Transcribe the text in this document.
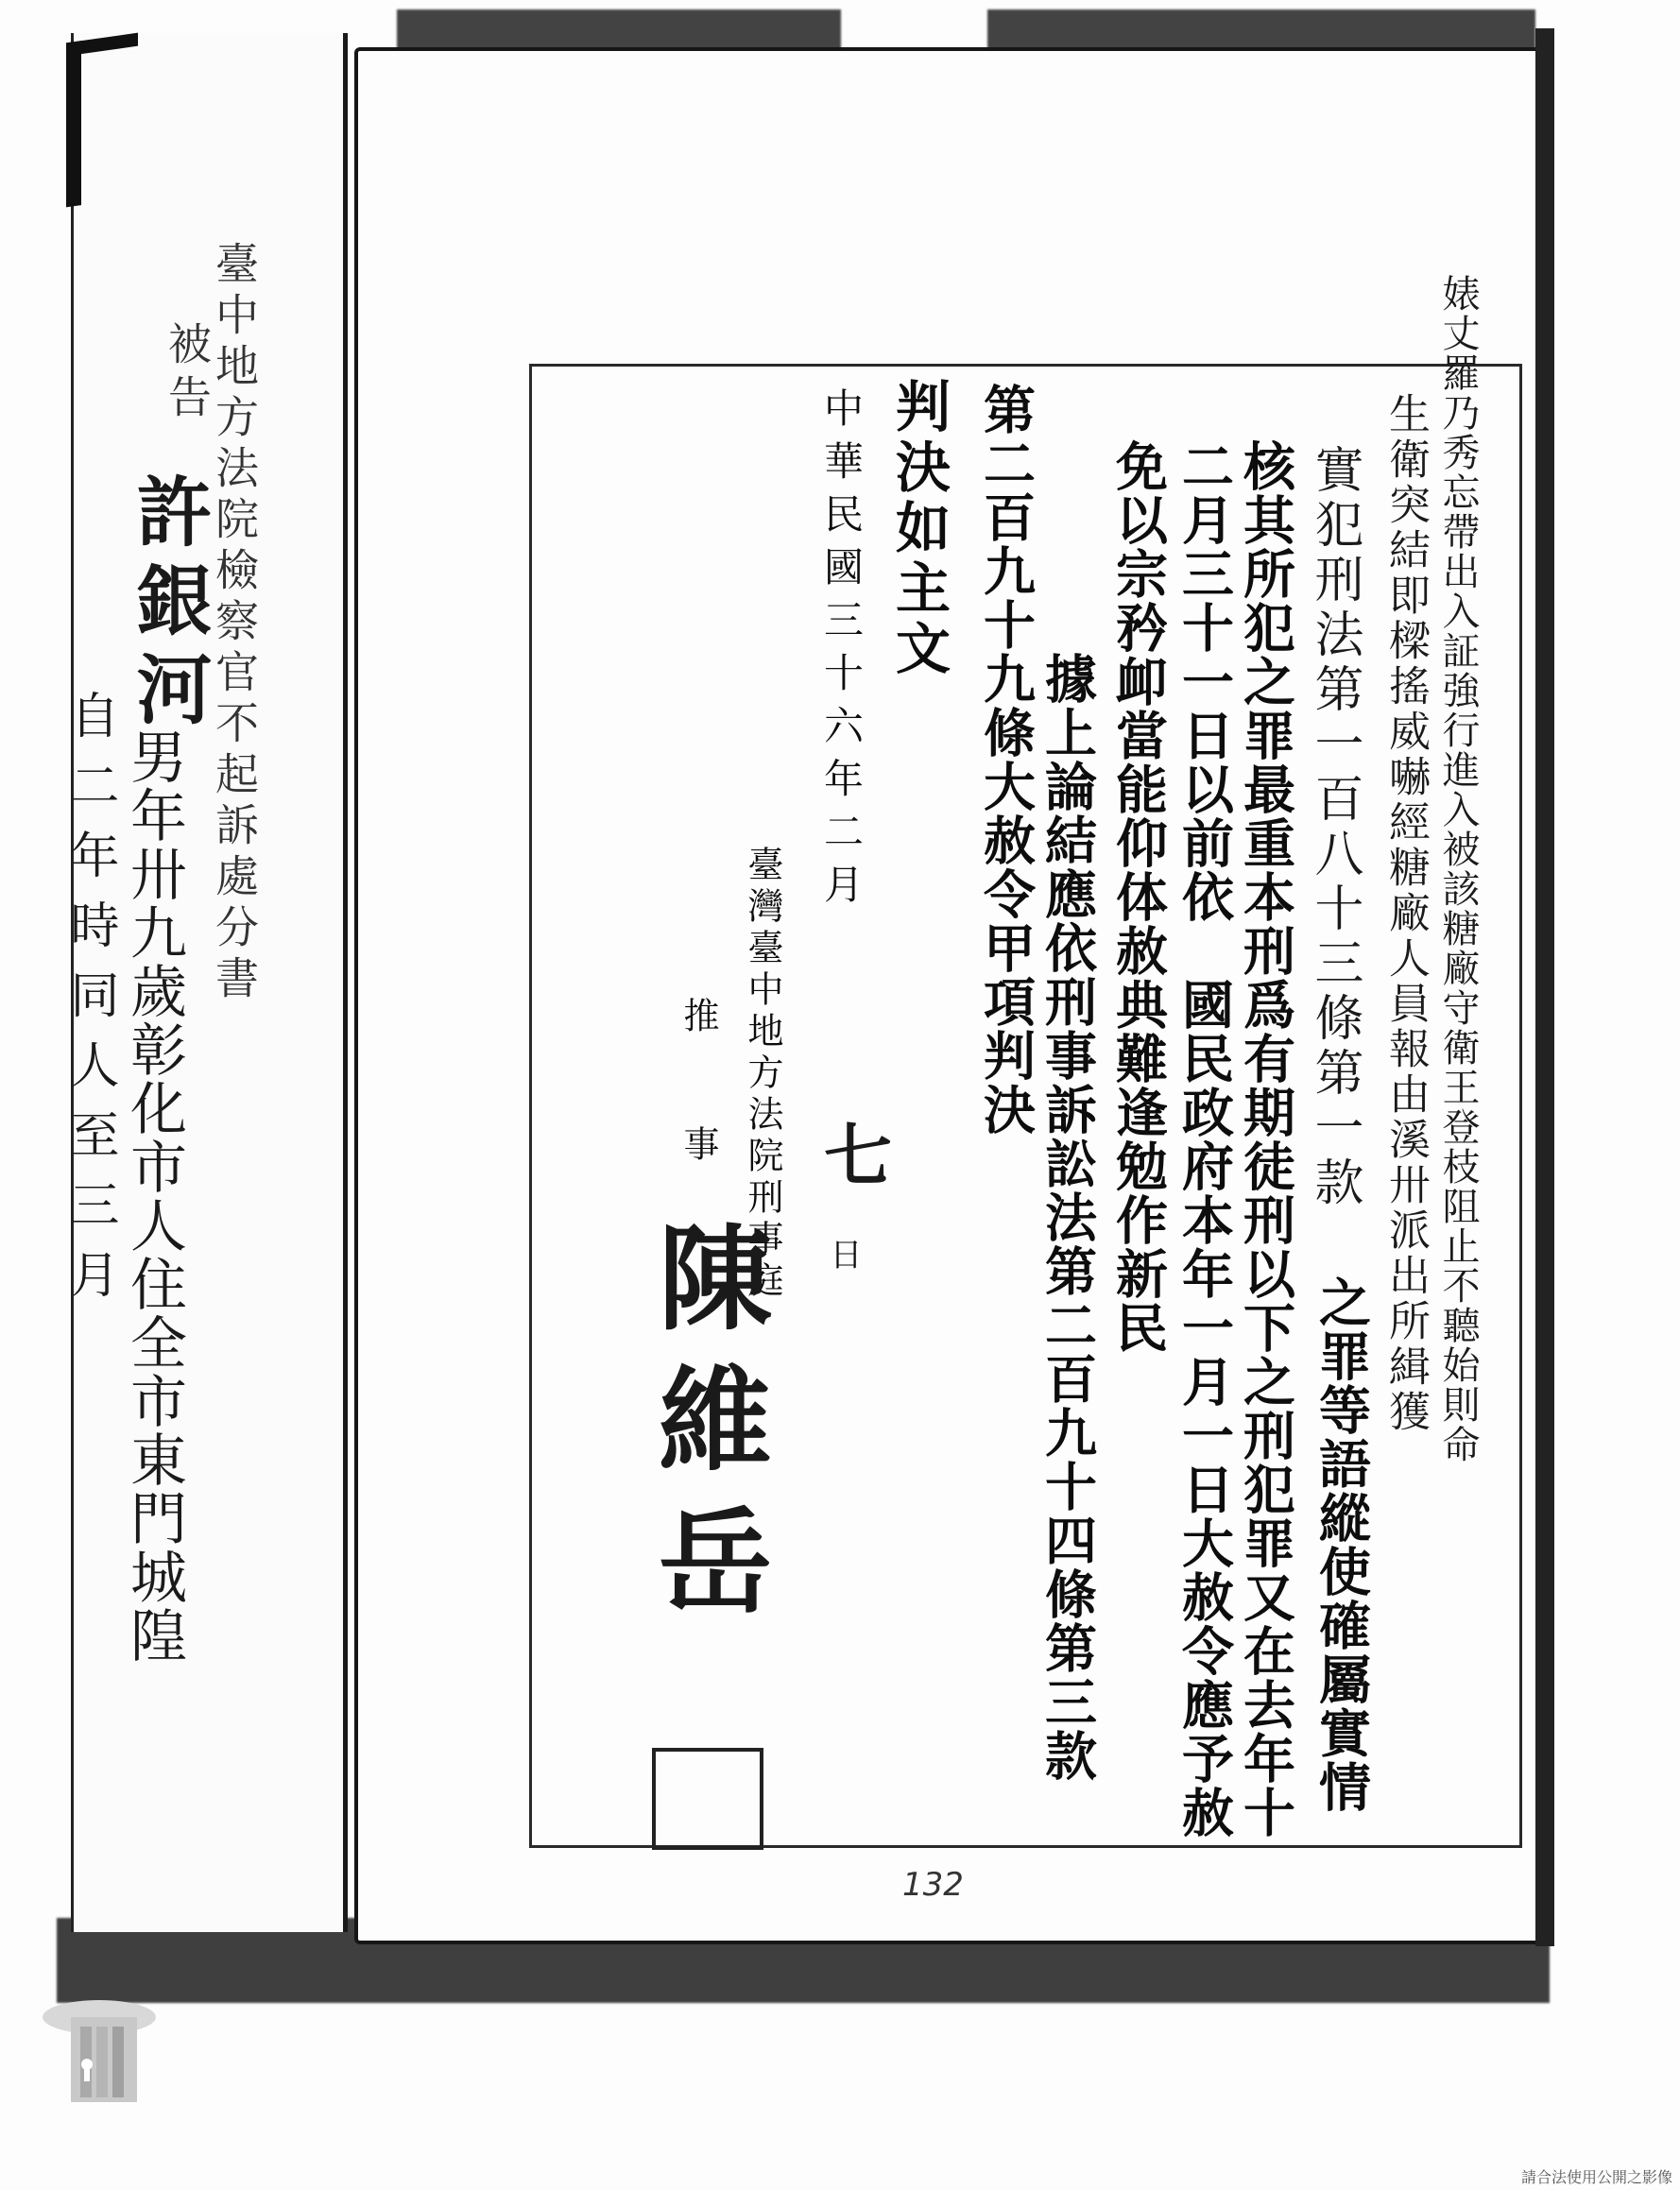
臺中地方法院檢察官不起訴處分書
被告
許銀河
男年卅九歲彰化市人住全市東門城隍
自二年時同人至三月	婊丈羅乃秀忘帶出入証強行進入被該糖廠守衛王登枝阻止不聽始則命
生衛突結即樑搖威嚇經糖廠人員報由溪卅派出所緝獲
實犯刑法第一百八十三條第一款
之罪等語縱使確屬實情
核其所犯之罪最重本刑爲有期徒刑以下之刑犯罪又在去年十
二月三十一日以前依　國民政府本年一月一日大赦令應予赦
免以宗矜卹當能仰体赦典難逢勉作新民
據上論結應依刑事訴訟法第二百九十四條第三款
第二百九十九條大赦令甲項判決
判決如主文
中華民國三十六年二月
七
日
臺灣臺中地方法院刑事庭
推　事
陳維岳
132
請合法使用公開之影像
